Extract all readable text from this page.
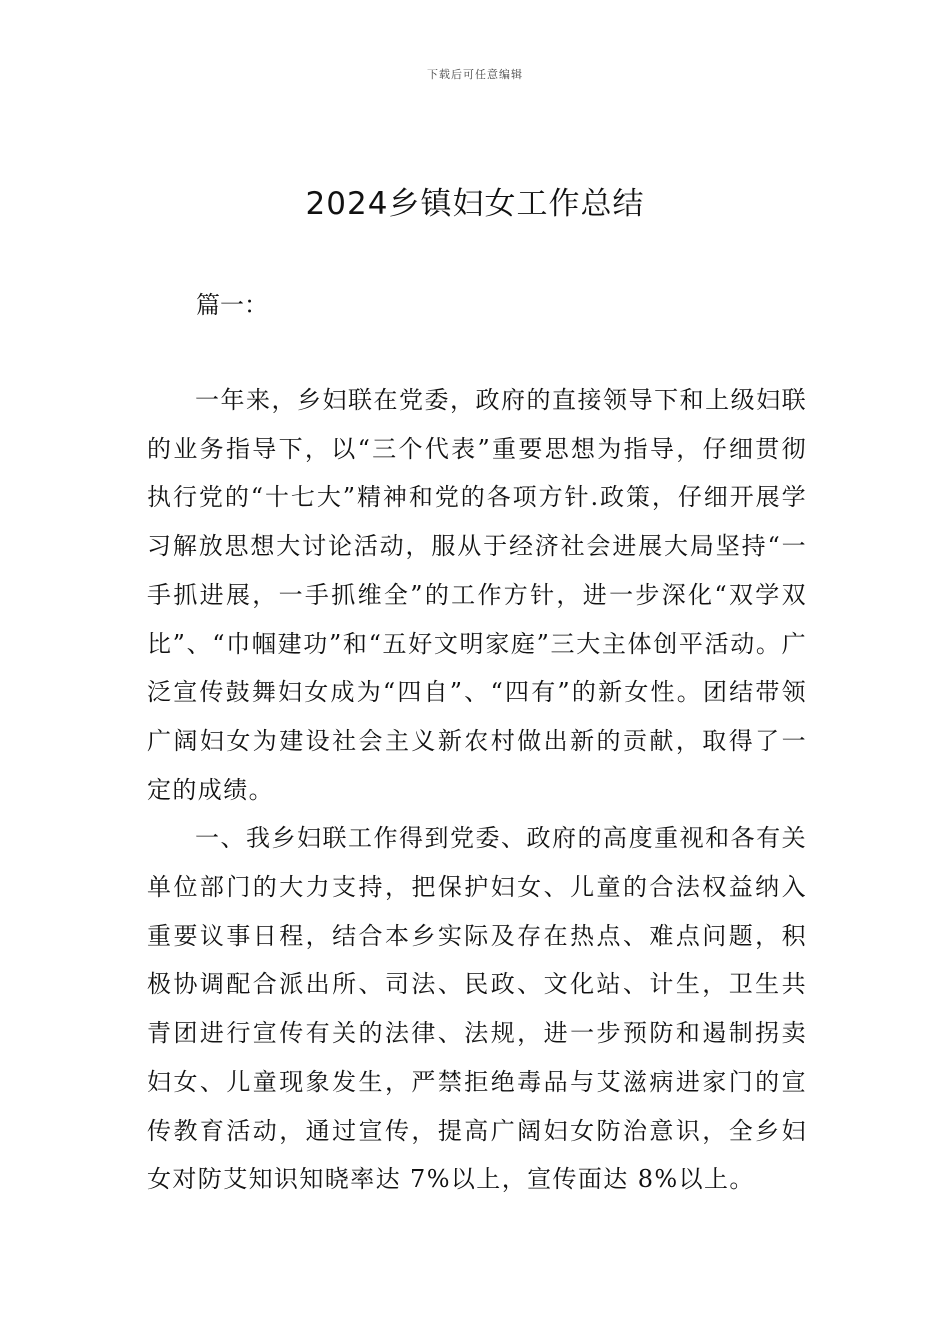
下载后可任意编辑
2024乡镇妇女工作总结
篇一：

一年来，乡妇联在党委，政府的直接领导下和上级妇联的业务指导下，以“三个代表”重要思想为指导，仔细贯彻执行党的“十七大”精神和党的各项方针.政策，仔细开展学习解放思想大讨论活动，服从于经济社会进展大局坚持“一手抓进展，一手抓维全”的工作方针，进一步深化“双学双比”、“巾帼建功”和“五好文明家庭”三大主体创平活动。广泛宣传鼓舞妇女成为“四自”、“四有”的新女性。团结带领广阔妇女为建设社会主义新农村做出新的贡献，取得了一定的成绩。

一、我乡妇联工作得到党委、政府的高度重视和各有关单位部门的大力支持，把保护妇女、儿童的合法权益纳入重要议事日程，结合本乡实际及存在热点、难点问题，积极协调配合派出所、司法、民政、文化站、计生，卫生共青团进行宣传有关的法律、法规，进一步预防和遏制拐卖妇女、儿童现象发生，严禁拒绝毒品与艾滋病进家门的宣传教育活动，通过宣传，提高广阔妇女防治意识，全乡妇女对防艾知识知晓率达 7%以上，宣传面达 8%以上。
